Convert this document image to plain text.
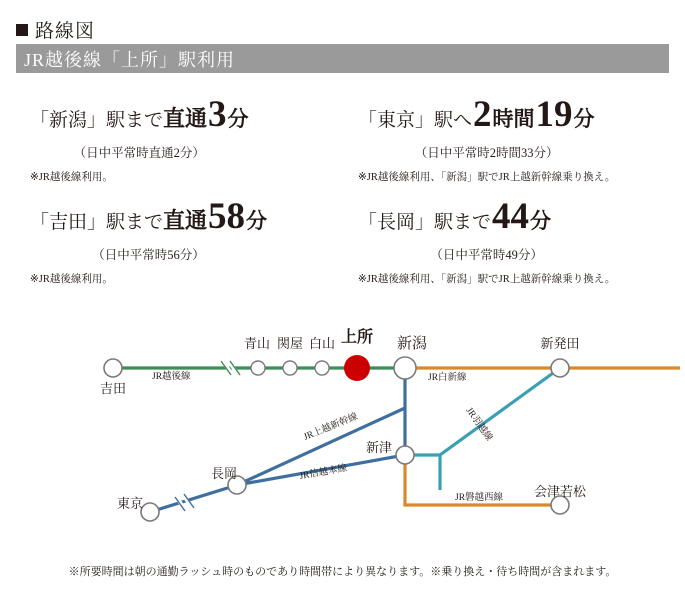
路線図
JR越後線「上所」駅利用
「新潟」駅まで 直通 3 分
（日中平常時直通2分）
※JR越後線利用。
「東京」駅へ 2 時間 19 分
（日中平常時2時間33分）
※JR越後線利用、「新潟」駅でJR上越新幹線乗り換え。
「吉田」駅まで 直通 58 分
（日中平常時56分）
※JR越後線利用。
「長岡」駅まで 44 分
（日中平常時49分）
※JR越後線利用、「新潟」駅でJR上越新幹線乗り換え。
JR越後線	JR白新線
JR羽越線
JR上越新幹線
JR信越本線
JR磐越西線
吉田
青山 関屋 白山 上所 新潟	新発田
新津
長岡
東京
会津若松
※所要時間は朝の通勤ラッシュ時のものであり時間帯により異なります。※乗り換え・待ち時間が含まれます。
